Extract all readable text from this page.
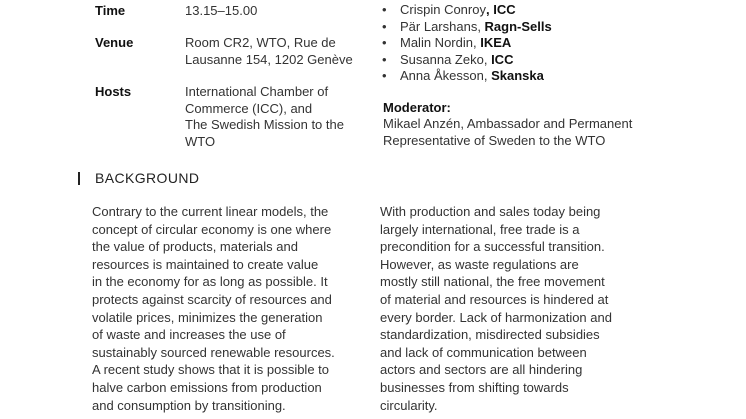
Time	13.15–15.00
Venue	Room CR2, WTO, Rue de
Lausanne 154, 1202 Genève
Hosts	International Chamber of
Commerce (ICC), and
The Swedish Mission to the
WTO
• Crispin Conroy, ICC
• Pär Larshans, Ragn-Sells
• Malin Nordin, IKEA
• Susanna Zeko, ICC
• Anna Åkesson, Skanska
Moderator:
Mikael Anzén, Ambassador and Permanent
Representative of Sweden to the WTO
BACKGROUND
Contrary to the current linear models, the
concept of circular economy is one where
the value of products, materials and
resources is maintained to create value
in the economy for as long as possible. It
protects against scarcity of resources and
volatile prices, minimizes the generation
of waste and increases the use of
sustainably sourced renewable resources.
A recent study shows that it is possible to
halve carbon emissions from production
and consumption by transitioning.
With production and sales today being
largely international, free trade is a
precondition for a successful transition.
However, as waste regulations are
mostly still national, the free movement
of material and resources is hindered at
every border. Lack of harmonization and
standardization, misdirected subsidies
and lack of communication between
actors and sectors are all hindering
businesses from shifting towards
circularity.
